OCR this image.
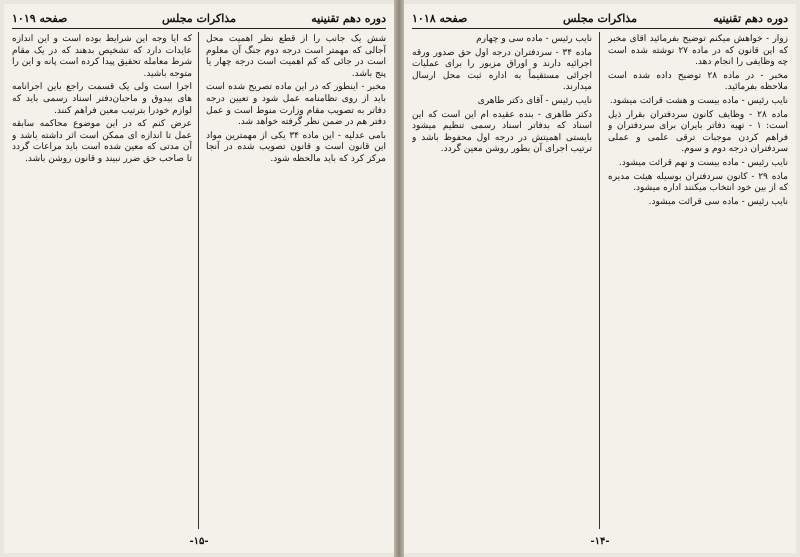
دوره دهم تقنينيه
مذاكرات مجلس
صفحه ۱۰۱۹

شش یک جانب را از قطع نظر اهمیت محل آجالی که مهمتر است درجه دوم جنگ آن معلوم است در جائی که کم اهمیت است درجه چهار یا پنج باشد.

مخبر - اینطور که در این ماده تصریح شده است باید از روی نظامنامه عمل شود و تعیین درجه دفاتر به تصویب مقام وزارت منوط است و عمل دفتر هم در ضمن نظر گرفته خواهد شد.

بامی عدلیه - این ماده ۳۴ یکی از مهمترین مواد این قانون است و قانون تصویب شده در آنجا مرکز کرد که باید مالحظه شود.

که آیا وجه این شرایط بوده است و این اندازه عایدات دارد که تشخیص بدهند که در یک مقام شرط معامله تحقیق پیدا کرده است پانه و این را متوجه باشید.

اجرا است ولی یک قسمت راجع باین اجرانامه های بیدوق و ماحبان‌دفتر اسناد رسمی باید که لوازم خودرا بترتیب معین فراهم کنند.

عرض کنم که در این موضوع محاکمه سابقه عمل تا اندازه ای ممکن است اثر داشته باشد و آن مدتی که معین شده است باید مراعات گردد تا صاحب حق ضرر نبیند و قانون روشن باشد.

-۱۵-
دوره دهم تقنینیه
مذاکرات مجلس
صفحه ۱۰۱۸

زوار - خواهش میکنم توضیح بفرمائید آقای مخبر که این قانون که در ماده ۲۷ نوشته شده است چه وظایفی را انجام دهد.

مخبر - در ماده ۲۸ توضیح داده شده است ملاحظه بفرمائید.

نایب رئیس - ماده بیست و هشت قرائت میشود.

ماده ۲۸ - وظایف کانون سردفتران بقرار ذیل است: ۱ - تهیه دفاتر بایران برای سردفتران و فراهم کردن موجبات ترقی علمی و عملی سردفتران درجه دوم و سوم.

نایب رئیس - ماده بیست و نهم قرائت میشود.

ماده ۲۹ - کانون سردفتران بوسیله هیئت مدیره که از بین خود انتخاب میکنند اداره میشود.

نایب رئیس - ماده سی قرائت میشود.

نایب رئیس - ماده سی و چهارم

ماده ۳۴ - سردفتران درجه اول حق صدور ورقه اجرائیه دارند و اوراق مزبور را برای عملیات اجرائی مستقیماً به اداره ثبت محل ارسال میدارند.

نایب رئیس - آقای دکتر طاهری

دکتر طاهری - بنده عقیده ام این است که این اسناد که بدفاتر اسناد رسمی تنظیم میشود بایستی اهمیتش در درجه اول محفوظ باشد و ترتیب اجرای آن بطور روشن معین گردد.

-۱۴-
